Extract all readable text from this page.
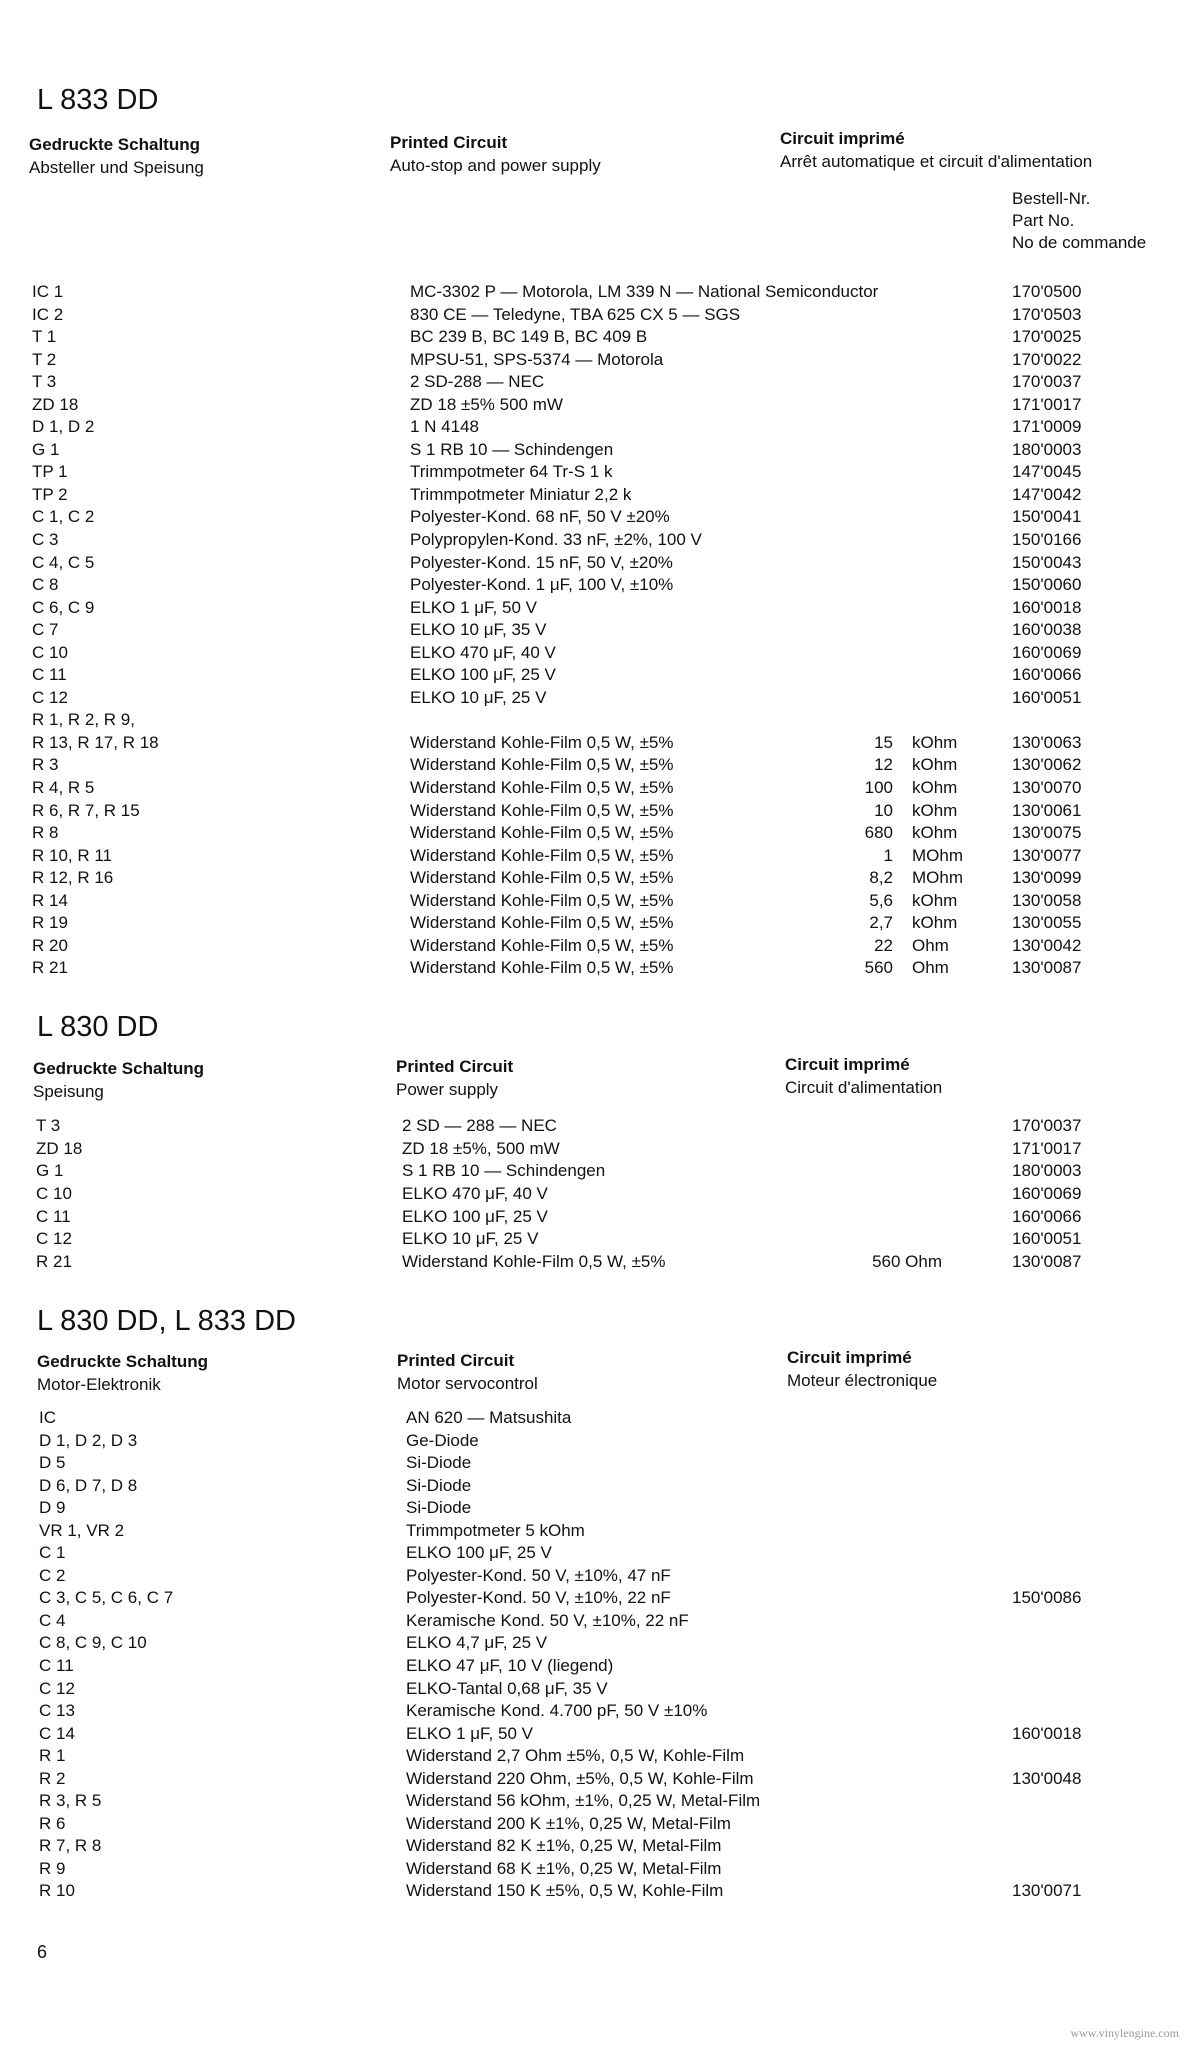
L 833 DD
Gedruckte Schaltung
Absteller und Speisung
Printed Circuit
Auto-stop and power supply
Circuit imprimé
Arrêt automatique et circuit d'alimentation
Bestell-Nr.
Part No.
No de commande
IC 1	MC-3302 P — Motorola, LM 339 N — National Semiconductor	170'0500
IC 2	830 CE — Teledyne, TBA 625 CX 5 — SGS	170'0503
T 1	BC 239 B, BC 149 B, BC 409 B	170'0025
T 2	MPSU-51, SPS-5374 — Motorola	170'0022
T 3	2 SD-288 — NEC	170'0037
ZD 18	ZD 18 ±5% 500 mW	171'0017
D 1, D 2	1 N 4148	171'0009
G 1	S 1 RB 10 — Schindengen	180'0003
TP 1	Trimmpotmeter 64 Tr-S 1 k	147'0045
TP 2	Trimmpotmeter Miniatur 2,2 k	147'0042
C 1, C 2	Polyester-Kond. 68 nF, 50 V ±20%	150'0041
C 3	Polypropylen-Kond. 33 nF, ±2%, 100 V	150'0166
C 4, C 5	Polyester-Kond. 15 nF, 50 V, ±20%	150'0043
C 8	Polyester-Kond. 1 μF, 100 V, ±10%	150'0060
C 6, C 9	ELKO 1 μF, 50 V	160'0018
C 7	ELKO 10 μF, 35 V	160'0038
C 10	ELKO 470 μF, 40 V	160'0069
C 11	ELKO 100 μF, 25 V	160'0066
C 12	ELKO 10 μF, 25 V	160'0051
R 1, R 2, R 9,
R 13, R 17, R 18	Widerstand Kohle-Film 0,5 W, ±5%	15 kOhm	130'0063
R 3	Widerstand Kohle-Film 0,5 W, ±5%	12 kOhm	130'0062
R 4, R 5	Widerstand Kohle-Film 0,5 W, ±5%	100 kOhm	130'0070
R 6, R 7, R 15	Widerstand Kohle-Film 0,5 W, ±5%	10 kOhm	130'0061
R 8	Widerstand Kohle-Film 0,5 W, ±5%	680 kOhm	130'0075
R 10, R 11	Widerstand Kohle-Film 0,5 W, ±5%	1 MOhm	130'0077
R 12, R 16	Widerstand Kohle-Film 0,5 W, ±5%	8,2 MOhm	130'0099
R 14	Widerstand Kohle-Film 0,5 W, ±5%	5,6 kOhm	130'0058
R 19	Widerstand Kohle-Film 0,5 W, ±5%	2,7 kOhm	130'0055
R 20	Widerstand Kohle-Film 0,5 W, ±5%	22 Ohm	130'0042
R 21	Widerstand Kohle-Film 0,5 W, ±5%	560 Ohm	130'0087
L 830 DD
Gedruckte Schaltung
Speisung
Printed Circuit
Power supply
Circuit imprimé
Circuit d'alimentation
T 3	2 SD — 288 — NEC	170'0037
ZD 18	ZD 18 ±5%, 500 mW	171'0017
G 1	S 1 RB 10 — Schindengen	180'0003
C 10	ELKO 470 μF, 40 V	160'0069
C 11	ELKO 100 μF, 25 V	160'0066
C 12	ELKO 10 μF, 25 V	160'0051
R 21	Widerstand Kohle-Film 0,5 W, ±5%	560 Ohm	130'0087
L 830 DD, L 833 DD
Gedruckte Schaltung
Motor-Elektronik
Printed Circuit
Motor servocontrol
Circuit imprimé
Moteur électronique
IC	AN 620 — Matsushita
D 1, D 2, D 3	Ge-Diode
D 5	Si-Diode
D 6, D 7, D 8	Si-Diode
D 9	Si-Diode
VR 1, VR 2	Trimmpotmeter 5 kOhm
C 1	ELKO 100 μF, 25 V
C 2	Polyester-Kond. 50 V, ±10%, 47 nF
C 3, C 5, C 6, C 7	Polyester-Kond. 50 V, ±10%, 22 nF	150'0086
C 4	Keramische Kond. 50 V, ±10%, 22 nF
C 8, C 9, C 10	ELKO 4,7 μF, 25 V
C 11	ELKO 47 μF, 10 V (liegend)
C 12	ELKO-Tantal 0,68 μF, 35 V
C 13	Keramische Kond. 4.700 pF, 50 V ±10%
C 14	ELKO 1 μF, 50 V	160'0018
R 1	Widerstand 2,7 Ohm ±5%, 0,5 W, Kohle-Film
R 2	Widerstand 220 Ohm, ±5%, 0,5 W, Kohle-Film	130'0048
R 3, R 5	Widerstand 56 kOhm, ±1%, 0,25 W, Metal-Film
R 6	Widerstand 200 K ±1%, 0,25 W, Metal-Film
R 7, R 8	Widerstand 82 K ±1%, 0,25 W, Metal-Film
R 9	Widerstand 68 K ±1%, 0,25 W, Metal-Film
R 10	Widerstand 150 K ±5%, 0,5 W, Kohle-Film	130'0071
6
www.vinylengine.com
